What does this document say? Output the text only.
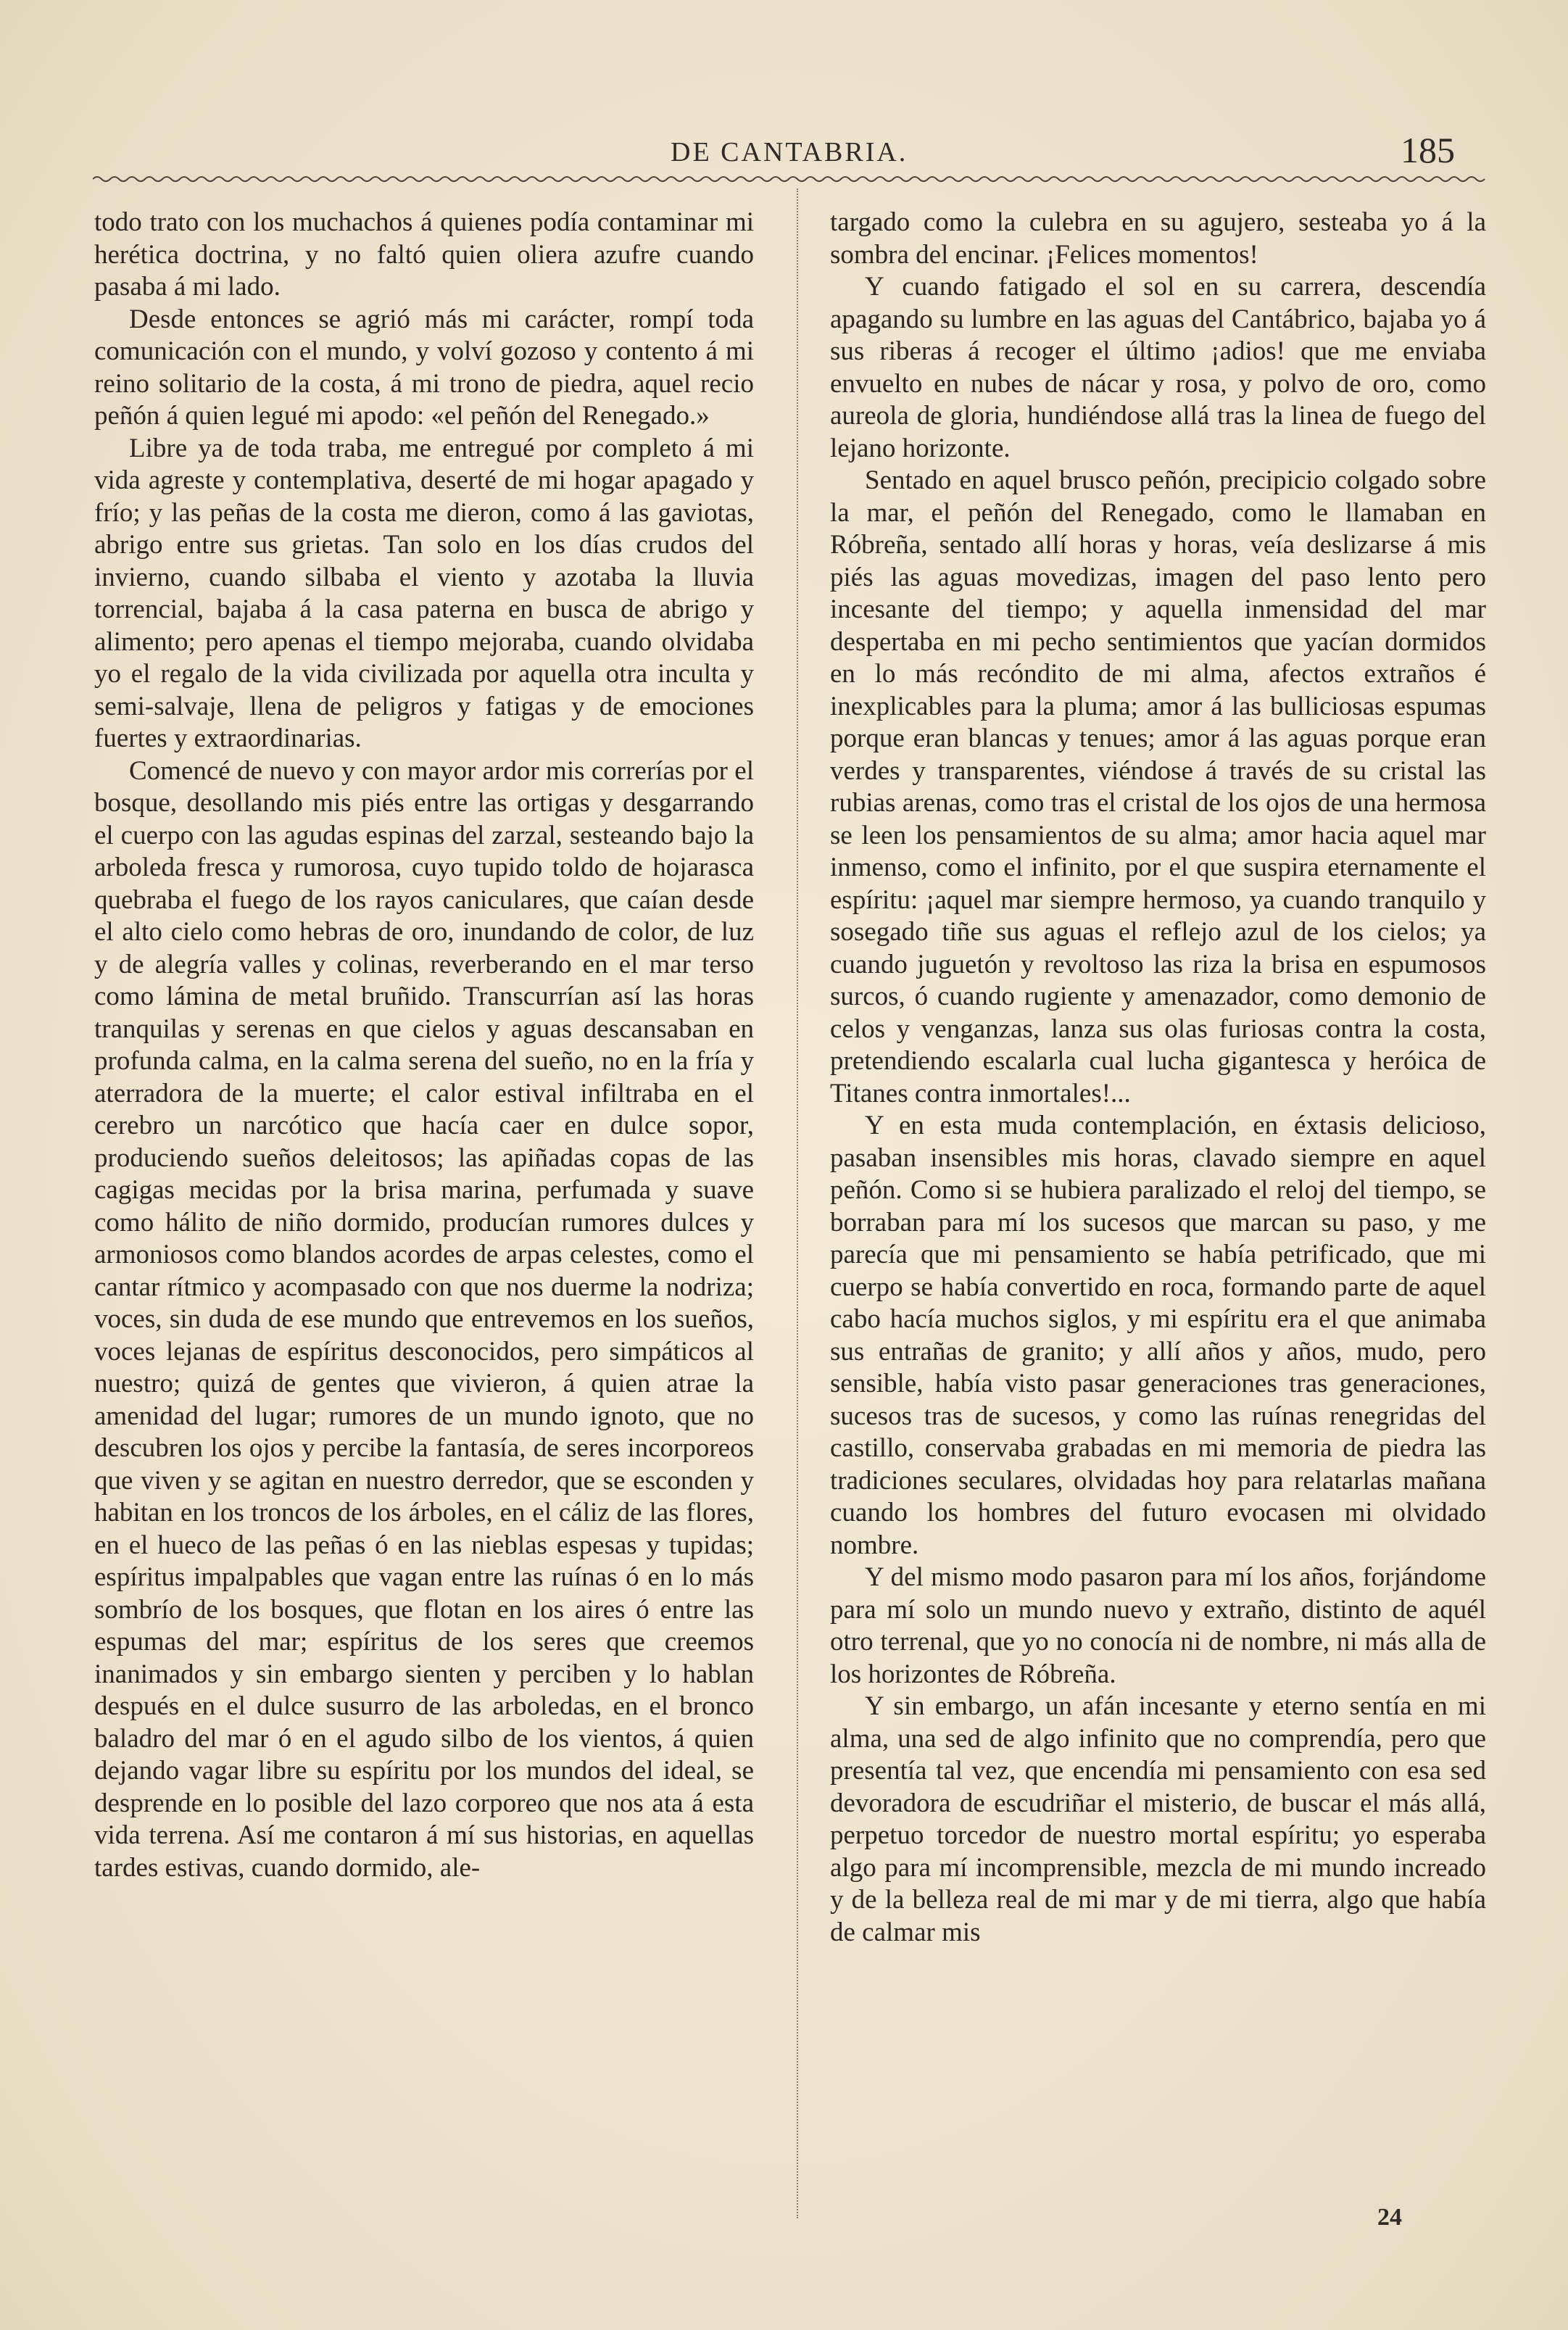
DE CANTABRIA.	185

todo trato con los muchachos á quienes podía contaminar mi herética doctrina, y no faltó quien oliera azufre cuando pasaba á mi lado.

Desde entonces se agrió más mi carácter, rompí toda comunicación con el mundo, y volví gozoso y contento á mi reino solitario de la costa, á mi trono de piedra, aquel recio peñón á quien legué mi apodo: «el peñón del Renegado.»

Libre ya de toda traba, me entregué por completo á mi vida agreste y contemplativa, deserté de mi hogar apagado y frío; y las peñas de la costa me dieron, como á las gaviotas, abrigo entre sus grietas. Tan solo en los días crudos del invierno, cuando silbaba el viento y azotaba la lluvia torrencial, bajaba á la casa paterna en busca de abrigo y alimento; pero apenas el tiempo mejoraba, cuando olvidaba yo el regalo de la vida civilizada por aquella otra inculta y semi-salvaje, llena de peligros y fatigas y de emociones fuertes y extraordinarias.

Comencé de nuevo y con mayor ardor mis correrías por el bosque, desollando mis piés entre las ortigas y desgarrando el cuerpo con las agudas espinas del zarzal, sesteando bajo la arboleda fresca y rumorosa, cuyo tupido toldo de hojarasca quebraba el fuego de los rayos caniculares, que caían desde el alto cielo como hebras de oro, inundando de color, de luz y de alegría valles y colinas, reverberando en el mar terso como lámina de metal bruñido. Transcurrían así las horas tranquilas y serenas en que cielos y aguas descansaban en profunda calma, en la calma serena del sueño, no en la fría y aterradora de la muerte; el calor estival infiltraba en el cerebro un narcótico que hacía caer en dulce sopor, produciendo sueños deleitosos; las apiñadas copas de las cagigas mecidas por la brisa marina, perfumada y suave como hálito de niño dormido, producían rumores dulces y armoniosos como blandos acordes de arpas celestes, como el cantar rítmico y acompasado con que nos duerme la nodriza; voces, sin duda de ese mundo que entrevemos en los sueños, voces lejanas de espíritus desconocidos, pero simpáticos al nuestro; quizá de gentes que vivieron, á quien atrae la amenidad del lugar; rumores de un mundo ignoto, que no descubren los ojos y percibe la fantasía, de seres incorporeos que viven y se agitan en nuestro derredor, que se esconden y habitan en los troncos de los árboles, en el cáliz de las flores, en el hueco de las peñas ó en las nieblas espesas y tupidas; espíritus impalpables que vagan entre las ruínas ó en lo más sombrío de los bosques, que flotan en los aires ó entre las espumas del mar; espíritus de los seres que creemos inanimados y sin embargo sienten y perciben y lo hablan después en el dulce susurro de las arboledas, en el bronco baladro del mar ó en el agudo silbo de los vientos, á quien dejando vagar libre su espíritu por los mundos del ideal, se desprende en lo posible del lazo corporeo que nos ata á esta vida terrena. Así me contaron á mí sus historias, en aquellas tardes estivas, cuando dormido, ale-

targado como la culebra en su agujero, sesteaba yo á la sombra del encinar. ¡Felices momentos!

Y cuando fatigado el sol en su carrera, descendía apagando su lumbre en las aguas del Cantábrico, bajaba yo á sus riberas á recoger el último ¡adios! que me enviaba envuelto en nubes de nácar y rosa, y polvo de oro, como aureola de gloria, hundiéndose allá tras la linea de fuego del lejano horizonte.

Sentado en aquel brusco peñón, precipicio colgado sobre la mar, el peñón del Renegado, como le llamaban en Róbreña, sentado allí horas y horas, veía deslizarse á mis piés las aguas movedizas, imagen del paso lento pero incesante del tiempo; y aquella inmensidad del mar despertaba en mi pecho sentimientos que yacían dormidos en lo más recóndito de mi alma, afectos extraños é inexplicables para la pluma; amor á las bulliciosas espumas porque eran blancas y tenues; amor á las aguas porque eran verdes y transparentes, viéndose á través de su cristal las rubias arenas, como tras el cristal de los ojos de una hermosa se leen los pensamientos de su alma; amor hacia aquel mar inmenso, como el infinito, por el que suspira eternamente el espíritu: ¡aquel mar siempre hermoso, ya cuando tranquilo y sosegado tiñe sus aguas el reflejo azul de los cielos; ya cuando juguetón y revoltoso las riza la brisa en espumosos surcos, ó cuando rugiente y amenazador, como demonio de celos y venganzas, lanza sus olas furiosas contra la costa, pretendiendo escalarla cual lucha gigantesca y heróica de Titanes contra inmortales!...

Y en esta muda contemplación, en éxtasis delicioso, pasaban insensibles mis horas, clavado siempre en aquel peñón. Como si se hubiera paralizado el reloj del tiempo, se borraban para mí los sucesos que marcan su paso, y me parecía que mi pensamiento se había petrificado, que mi cuerpo se había convertido en roca, formando parte de aquel cabo hacía muchos siglos, y mi espíritu era el que animaba sus entrañas de granito; y allí años y años, mudo, pero sensible, había visto pasar generaciones tras generaciones, sucesos tras de sucesos, y como las ruínas renegridas del castillo, conservaba grabadas en mi memoria de piedra las tradiciones seculares, olvidadas hoy para relatarlas mañana cuando los hombres del futuro evocasen mi olvidado nombre.

Y del mismo modo pasaron para mí los años, forjándome para mí solo un mundo nuevo y extraño, distinto de aquél otro terrenal, que yo no conocía ni de nombre, ni más alla de los horizontes de Róbreña.

Y sin embargo, un afán incesante y eterno sentía en mi alma, una sed de algo infinito que no comprendía, pero que presentía tal vez, que encendía mi pensamiento con esa sed devoradora de escudriñar el misterio, de buscar el más allá, perpetuo torcedor de nuestro mortal espíritu; yo esperaba algo para mí incomprensible, mezcla de mi mundo increado y de la belleza real de mi mar y de mi tierra, algo que había de calmar mis

24
